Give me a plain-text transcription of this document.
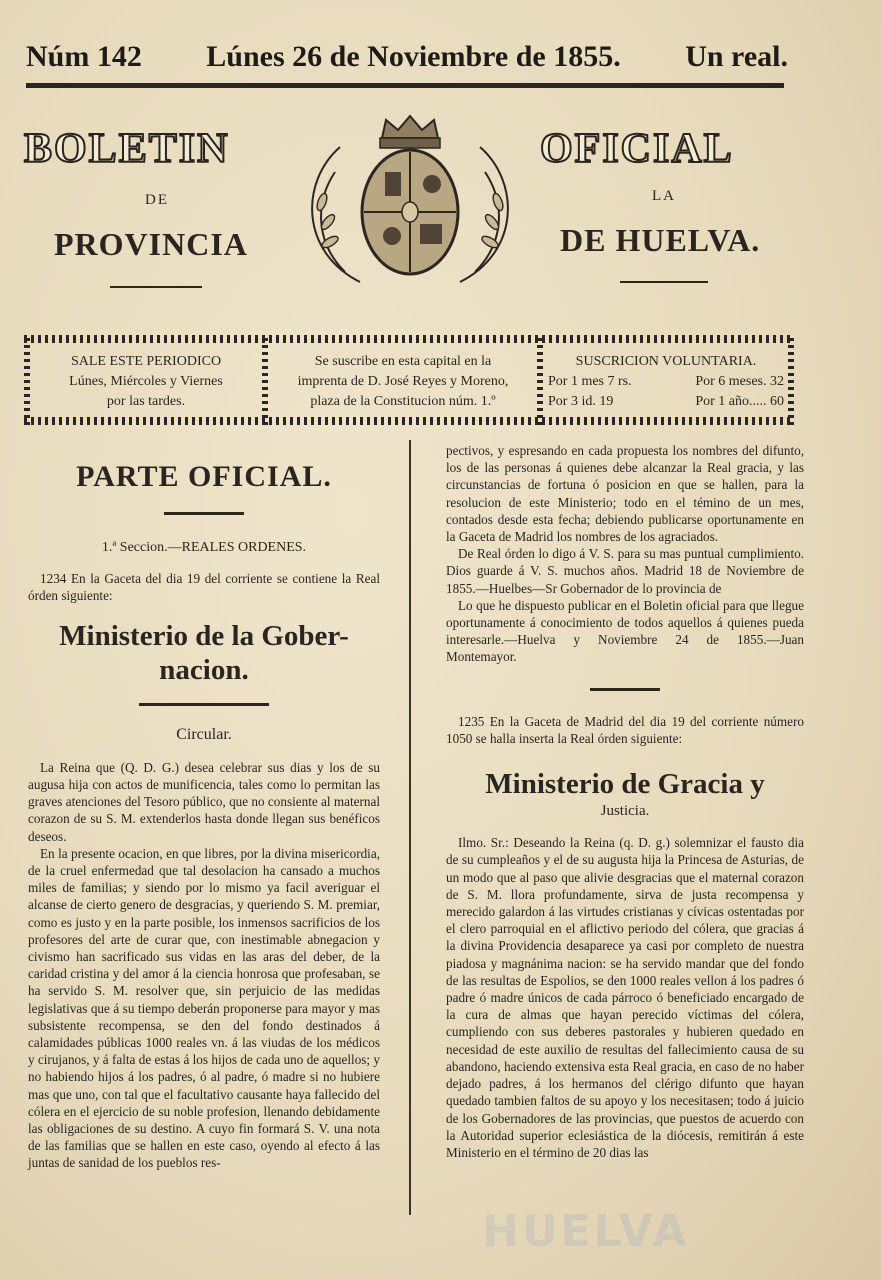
Núm 142 Lúnes 26 de Noviembre de 1855. Un real.
BOLETIN	OFICIAL
DE	LA
PROVINCIA	DE HUELVA.
SALE ESTE PERIODICO
Lúnes, Miércoles y Viernes
por las tardes.
Se suscribe en esta capital en la
imprenta de D. José Reyes y Moreno,
plaza de la Constitucion núm. 1.º
SUSCRICION VOLUNTARIA.
Por 1 mes 7 rs.	Por 6 meses. 32
Por 3 id. 19	Por 1 año..... 60

PARTE OFICIAL.

1.ª Seccion.—REALES ORDENES.

1234 En la Gaceta del dia 19 del corriente se contiene la Real órden siguiente:

Ministerio de la Gober-nacion.

Circular.

La Reina que (Q. D. G.) desea celebrar sus dias y los de su augusa hija con actos de munificencia, tales como lo permitan las graves atenciones del Tesoro público, que no consiente al maternal corazon de su S. M. extenderlos hasta donde llegan sus benéficos deseos.

En la presente ocacion, en que libres, por la divina misericordia, de la cruel enfermedad que tal desolacion ha cansado a muchos miles de familias; y siendo por lo mismo ya facil averiguar el alcanse de cierto genero de desgracias, y queriendo S. M. premiar, como es justo y en la parte posible, los inmensos sacrificios de los profesores del arte de curar que, con inestimable abnegacion y civismo han sacrificado sus vidas en las aras del deber, de la caridad cristina y del amor á la ciencia honrosa que profesaban, se ha servido S. M. resolver que, sin perjuicio de las medidas legislativas que á su tiempo deberán proponerse para mayor y mas subsistente recompensa, se den del fondo destinados á calamidades públicas 1000 reales vn. á las viudas de los médicos y cirujanos, y á falta de estas á los hijos de cada uno de aquellos; y no habiendo hijos á los padres, ó al padre, ó madre si no hubiere mas que uno, con tal que el facultativo causante haya fallecido del cólera en el ejercicio de su noble profesion, llenando debidamente las obligaciones de su destino. A cuyo fin formará S. V. una nota de las familias que se hallen en este caso, oyendo al efecto á las juntas de sanidad de los pueblos res-

pectivos, y espresando en cada propuesta los nombres del difunto, los de las personas á quienes debe alcanzar la Real gracia, y las circunstancias de fortuna ó posicion en que se hallen, para la resolucion de este Ministerio; todo en el témino de un mes, contados desde esta fecha; debiendo publicarse oportunamente en la Gaceta de Madrid los nombres de los agraciados.

De Real órden lo digo á V. S. para su mas puntual cumplimiento. Dios guarde á V. S. muchos años. Madrid 18 de Noviembre de 1855.—Huelbes—Sr Gobernador de lo provincia de

Lo que he dispuesto publicar en el Boletin oficial para que llegue oportunamente á conocimiento de todos aquellos á quienes pueda interesarle.—Huelva y Noviembre 24 de 1855.—Juan Montemayor.

1235 En la Gaceta de Madrid del dia 19 del corriente número 1050 se halla inserta la Real órden siguiente:

Ministerio de Gracia y

Justicia.

Ilmo. Sr.: Deseando la Reina (q. D. g.) solemnizar el fausto dia de su cumpleaños y el de su augusta hija la Princesa de Asturias, de un modo que al paso que alivie desgracias que el maternal corazon de S. M. llora profundamente, sirva de justa recompensa y merecido galardon á las virtudes cristianas y cívicas ostentadas por el clero parroquial en el aflictivo periodo del cólera, que gracias á la divina Providencia desaparece ya casi por completo de nuestra piadosa y magnánima nacion: se ha servido mandar que del fondo de las resultas de Espolios, se den 1000 reales vellon á los padres ó padre ó madre únicos de cada párroco ó beneficiado encargado de la cura de almas que hayan perecido víctimas del cólera, cumpliendo con sus deberes pastorales y hubieren quedado en necesidad de este auxilio de resultas del fallecimiento causa de su abandono, haciendo extensiva esta Real gracia, en caso de no haber dejado padres, á los hermanos del clérigo difunto que hayan quedado tambien faltos de su apoyo y los necesitasen; todo á juicio de los Gobernadores de las provincias, que puestos de acuerdo con la Autoridad superior eclesiástica de la diócesis, remitirán á este Ministerio en el término de 20 dias las

HUELVA
